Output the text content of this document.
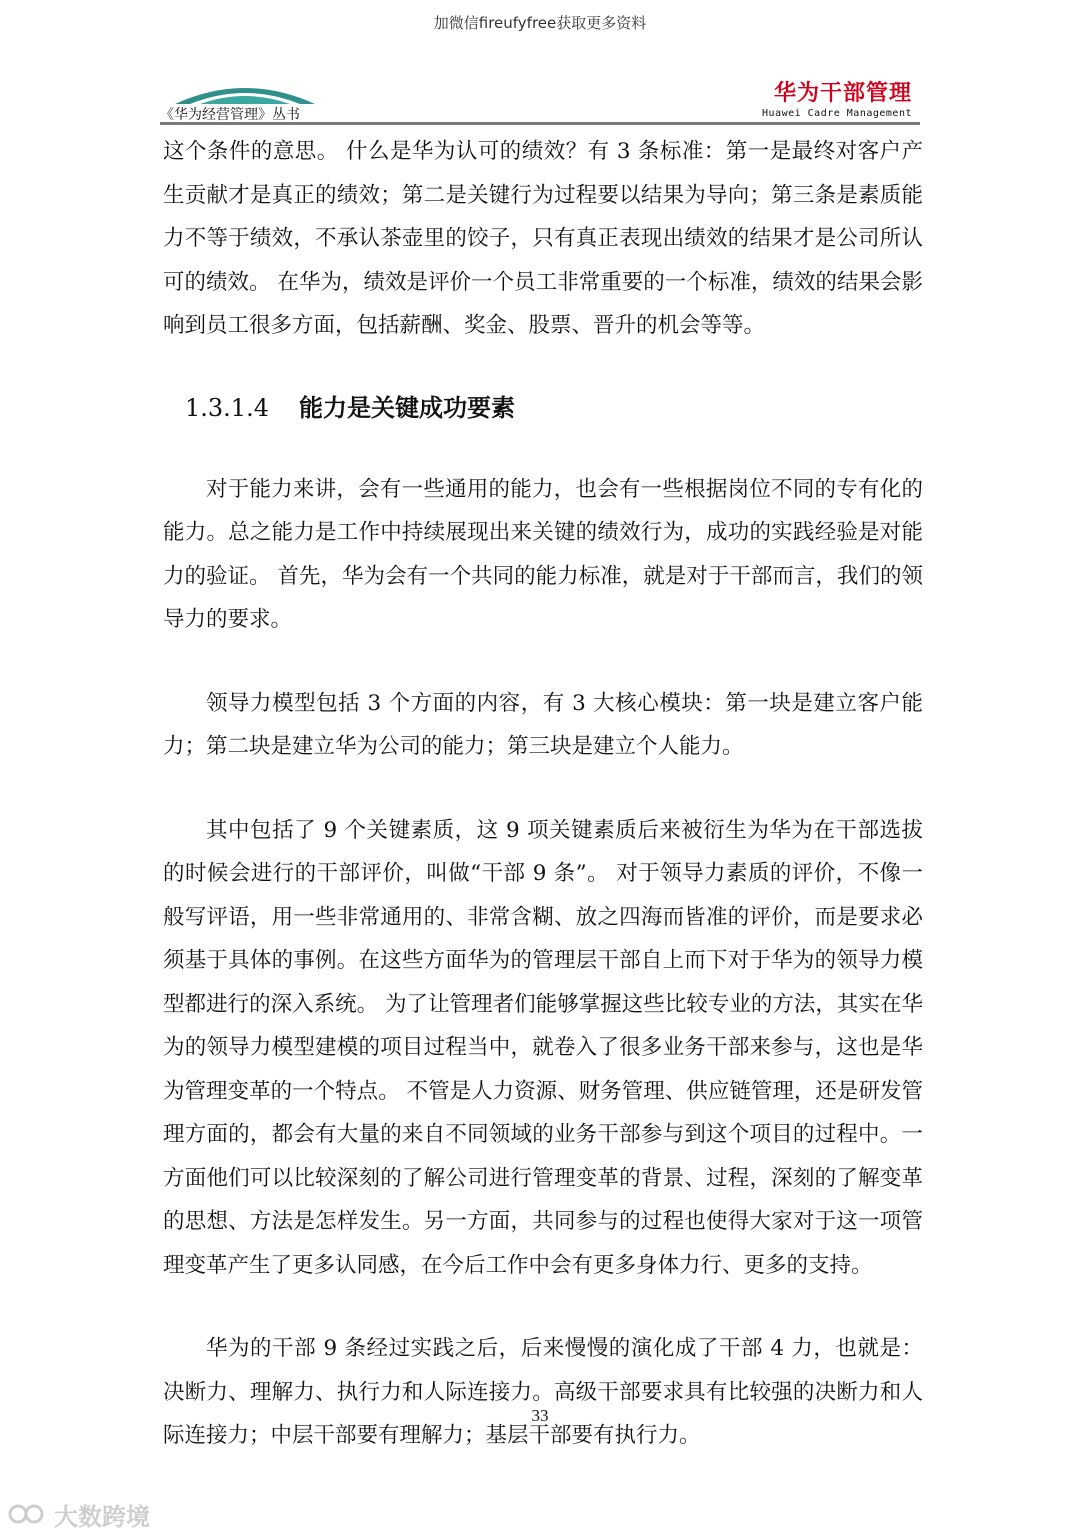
加微信fireufyfree获取更多资料
《华为经营管理》丛书
华为干部管理
Huawei Cadre Management

这个条件的意思。 什么是华为认可的绩效？有 3 条标准：第一是最终对客户产生贡献才是真正的绩效；第二是关键行为过程要以结果为导向；第三条是素质能力不等于绩效，不承认茶壶里的饺子，只有真正表现出绩效的结果才是公司所认可的绩效。 在华为，绩效是评价一个员工非常重要的一个标准，绩效的结果会影响到员工很多方面，包括薪酬、奖金、股票、晋升的机会等等。

1.3.1.4 能力是关键成功要素

对于能力来讲，会有一些通用的能力，也会有一些根据岗位不同的专有化的能力。总之能力是工作中持续展现出来关键的绩效行为，成功的实践经验是对能力的验证。 首先，华为会有一个共同的能力标准，就是对于干部而言，我们的领导力的要求。

领导力模型包括 3 个方面的内容，有 3 大核心模块：第一块是建立客户能力；第二块是建立华为公司的能力；第三块是建立个人能力。

其中包括了 9 个关键素质，这 9 项关键素质后来被衍生为华为在干部选拔的时候会进行的干部评价，叫做“干部 9 条”。 对于领导力素质的评价，不像一般写评语，用一些非常通用的、非常含糊、放之四海而皆准的评价，而是要求必须基于具体的事例。在这些方面华为的管理层干部自上而下对于华为的领导力模型都进行的深入系统。 为了让管理者们能够掌握这些比较专业的方法，其实在华为的领导力模型建模的项目过程当中，就卷入了很多业务干部来参与，这也是华为管理变革的一个特点。 不管是人力资源、财务管理、供应链管理，还是研发管理方面的，都会有大量的来自不同领域的业务干部参与到这个项目的过程中。一方面他们可以比较深刻的了解公司进行管理变革的背景、过程，深刻的了解变革的思想、方法是怎样发生。另一方面，共同参与的过程也使得大家对于这一项管理变革产生了更多认同感，在今后工作中会有更多身体力行、更多的支持。

华为的干部 9 条经过实践之后，后来慢慢的演化成了干部 4 力，也就是：决断力、理解力、执行力和人际连接力。高级干部要求具有比较强的决断力和人际连接力；中层干部要有理解力；基层干部要有执行力。

33
大数跨境
